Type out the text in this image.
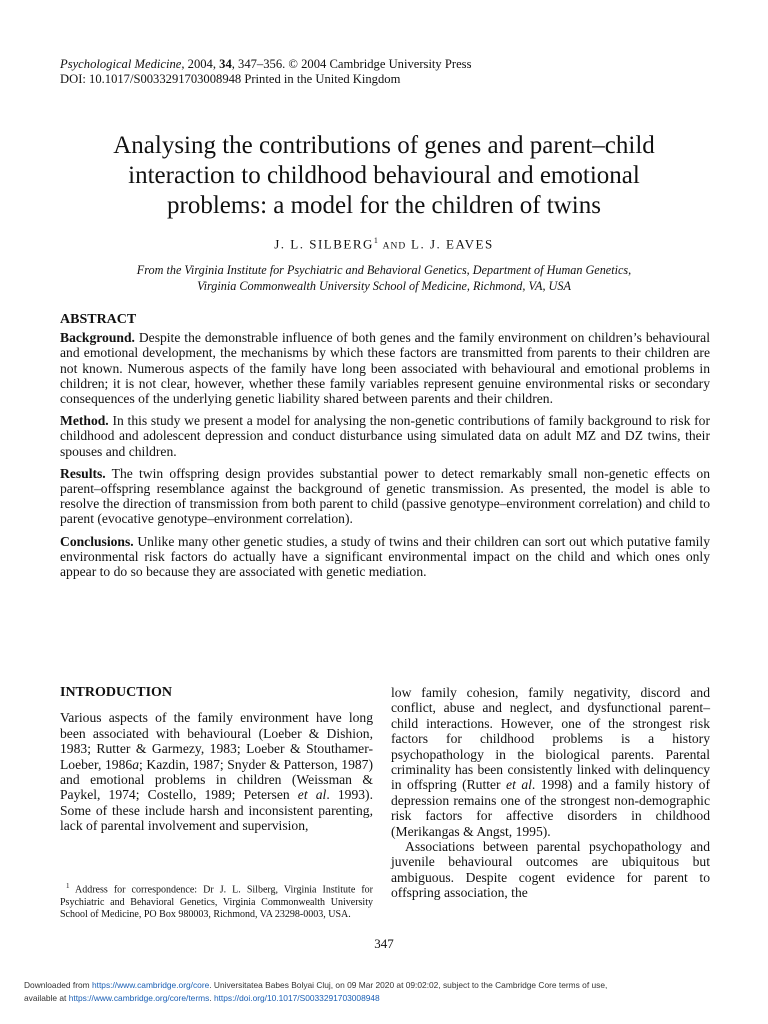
Psychological Medicine, 2004, 34, 347–356. © 2004 Cambridge University Press
DOI: 10.1017/S0033291703008948 Printed in the United Kingdom
Analysing the contributions of genes and parent–child
interaction to childhood behavioural and emotional
problems: a model for the children of twins
J. L. SILBERG$^1$ AND L. J. EAVES
From the Virginia Institute for Psychiatric and Behavioral Genetics, Department of Human Genetics,
Virginia Commonwealth University School of Medicine, Richmond, VA, USA
ABSTRACT

Background. Despite the demonstrable influence of both genes and the family environment on children’s behavioural and emotional development, the mechanisms by which these factors are transmitted from parents to their children are not known. Numerous aspects of the family have long been associated with behavioural and emotional problems in children; it is not clear, however, whether these family variables represent genuine environmental risks or secondary consequences of the underlying genetic liability shared between parents and their children.

Method. In this study we present a model for analysing the non-genetic contributions of family background to risk for childhood and adolescent depression and conduct disturbance using simulated data on adult MZ and DZ twins, their spouses and children.

Results. The twin offspring design provides substantial power to detect remarkably small non-genetic effects on parent–offspring resemblance against the background of genetic transmission. As presented, the model is able to resolve the direction of transmission from both parent to child (passive genotype–environment correlation) and child to parent (evocative genotype–environment correlation).

Conclusions. Unlike many other genetic studies, a study of twins and their children can sort out which putative family environmental risk factors do actually have a significant environmental impact on the child and which ones only appear to do so because they are associated with genetic mediation.

INTRODUCTION

Various aspects of the family environment have long been associated with behavioural (Loeber & Dishion, 1983; Rutter & Garmezy, 1983; Loeber & Stouthamer-Loeber, 1986a; Kazdin, 1987; Snyder & Patterson, 1987) and emotional problems in children (Weissman & Paykel, 1974; Costello, 1989; Petersen et al. 1993). Some of these include harsh and inconsistent parenting, lack of parental involvement and supervision,

low family cohesion, family negativity, discord and conflict, abuse and neglect, and dysfunctional parent–child interactions. However, one of the strongest risk factors for childhood problems is a history psychopathology in the biological parents. Parental criminality has been consistently linked with delinquency in offspring (Rutter et al. 1998) and a family history of depression remains one of the strongest non-demographic risk factors for affective disorders in childhood (Merikangas & Angst, 1995).

Associations between parental psychopathology and juvenile behavioural outcomes are ubiquitous but ambiguous. Despite cogent evidence for parent to offspring association, the

$^1$ Address for correspondence: Dr J. L. Silberg, Virginia Institute for Psychiatric and Behavioral Genetics, Virginia Commonwealth University School of Medicine, PO Box 980003, Richmond, VA 23298-0003, USA.
347
Downloaded from https://www.cambridge.org/core. Universitatea Babes Bolyai Cluj, on 09 Mar 2020 at 09:02:02, subject to the Cambridge Core terms of use,
available at https://www.cambridge.org/core/terms. https://doi.org/10.1017/S0033291703008948
